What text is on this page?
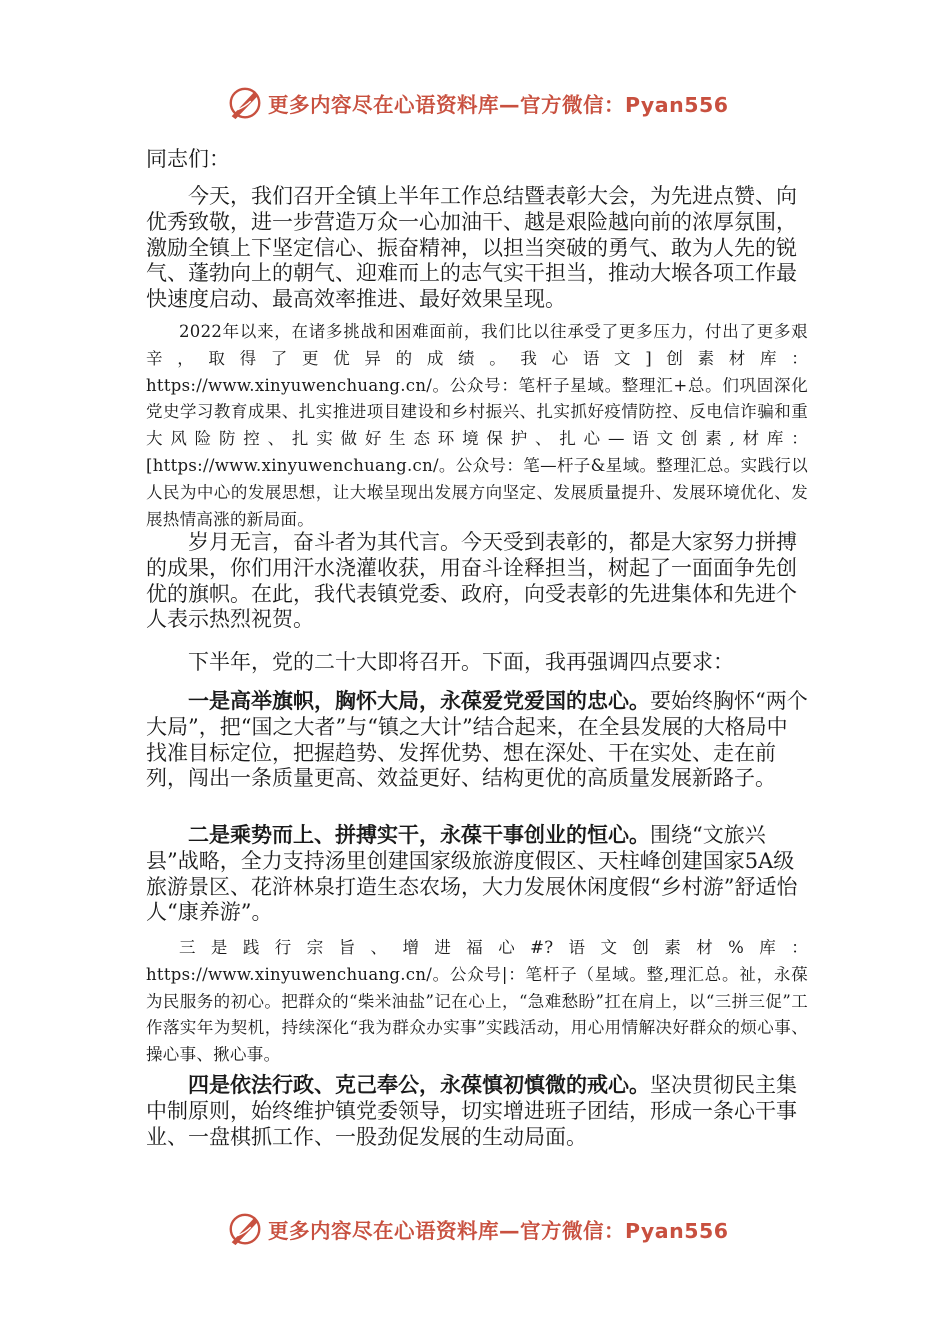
更多内容尽在心语资料库—官方微信：Pyan556

同志们：

今天，我们召开全镇上半年工作总结暨表彰大会，为先进点赞、向优秀致敬，进一步营造万众一心加油干、越是艰险越向前的浓厚氛围，激励全镇上下坚定信心、振奋精神，以担当突破的勇气、敢为人先的锐气、蓬勃向上的朝气、迎难而上的志气实干担当，推动大堠各项工作最快速度启动、最高效率推进、最好效果呈现。

2022年以来，在诸多挑战和困难面前，我们比以往承受了更多压力，付出了更多艰辛，取得了更优异的成绩。我心语文]创素材库：https://www.xinyuwenchuang.cn/。公众号：笔杆子星域。整理汇+总。们巩固深化党史学习教育成果、扎实推进项目建设和乡村振兴、扎实抓好疫情防控、反电信诈骗和重大风险防控、扎实做好生态环境保护、扎心—语文创素,材库：[https://www.xinyuwenchuang.cn/。公众号：笔—杆子&星域。整理汇总。实践行以人民为中心的发展思想，让大堠呈现出发展方向坚定、发展质量提升、发展环境优化、发展热情高涨的新局面。

岁月无言，奋斗者为其代言。今天受到表彰的，都是大家努力拼搏的成果，你们用汗水浇灌收获，用奋斗诠释担当，树起了一面面争先创优的旗帜。在此，我代表镇党委、政府，向受表彰的先进集体和先进个人表示热烈祝贺。

下半年，党的二十大即将召开。下面，我再强调四点要求：

一是高举旗帜，胸怀大局，永葆爱党爱国的忠心。要始终胸怀“两个大局”，把“国之大者”与“镇之大计”结合起来，在全县发展的大格局中找准目标定位，把握趋势、发挥优势、想在深处、干在实处、走在前列，闯出一条质量更高、效益更好、结构更优的高质量发展新路子。

二是乘势而上、拼搏实干，永葆干事创业的恒心。围绕“文旅兴县”战略，全力支持汤里创建国家级旅游度假区、天柱峰创建国家5A级旅游景区、花浒林泉打造生态农场，大力发展休闲度假“乡村游”舒适怡人“康养游”。

三是践行宗旨、增进福心#?语文创素材%库：https://www.xinyuwenchuang.cn/。公众号|：笔杆子（星域。整,理汇总。祉，永葆为民服务的初心。把群众的“柴米油盐”记在心上，“急难愁盼”扛在肩上，以“三拼三促”工作落实年为契机，持续深化“我为群众办实事”实践活动，用心用情解决好群众的烦心事、操心事、揪心事。

四是依法行政、克己奉公，永葆慎初慎微的戒心。坚决贯彻民主集中制原则，始终维护镇党委领导，切实增进班子团结，形成一条心干事业、一盘棋抓工作、一股劲促发展的生动局面。

更多内容尽在心语资料库—官方微信：Pyan556
